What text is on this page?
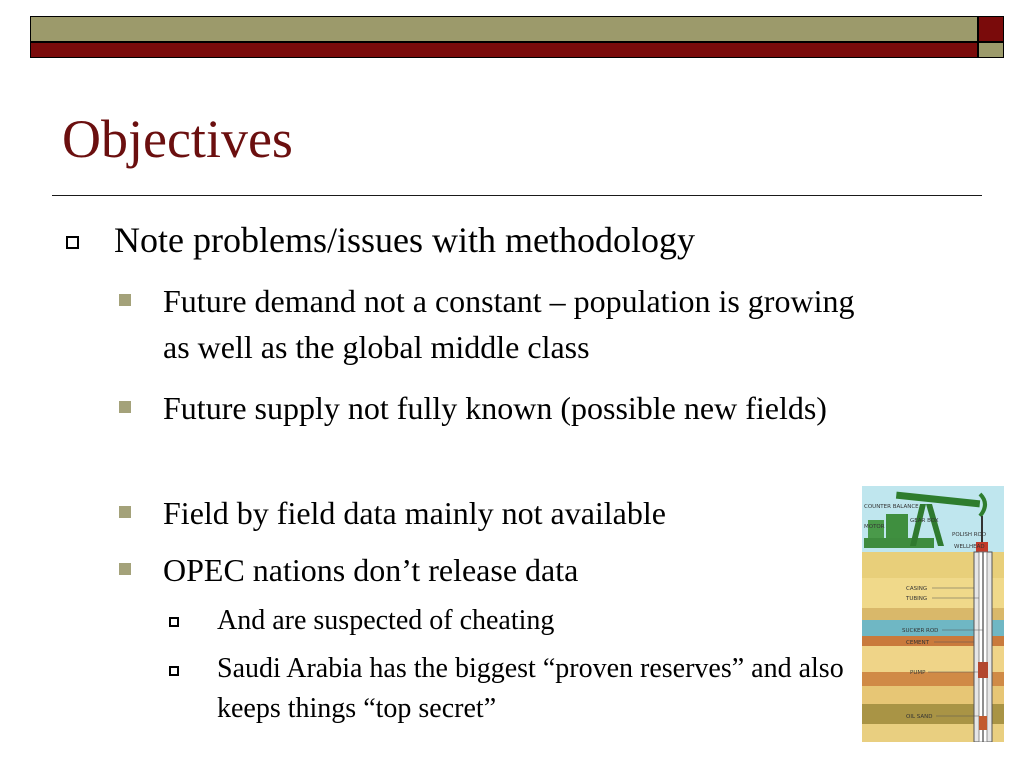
Objectives
Note problems/issues with methodology
Future demand not a constant – population is growing as well as the global middle class
Future supply not fully known (possible new fields)
Field by field data mainly not available
OPEC nations don’t release data
And are suspected of cheating
Saudi Arabia has the biggest “proven reserves” and also keeps things “top secret”
COUNTER BALANCE
MOTOR
GEAR BOX
POLISH ROD
WELLHEAD
CASING
TUBING
SUCKER ROD
CEMENT
PUMP
OIL SAND
